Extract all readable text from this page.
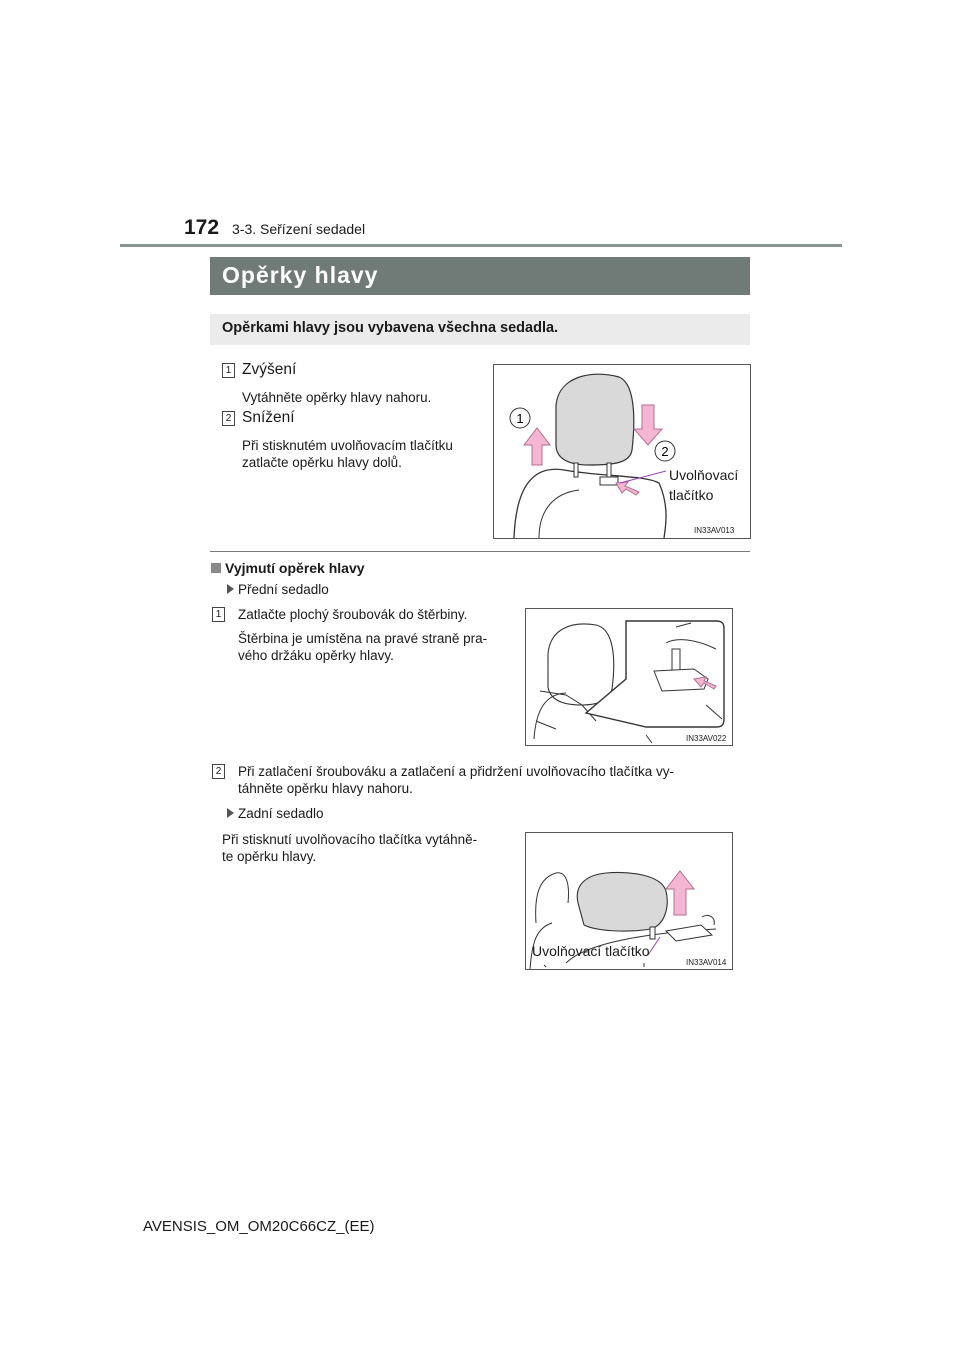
172 3-3. Seřízení sedadel
Opěrky hlavy
Opěrkami hlavy jsou vybavena všechna sedadla.
1 Zvýšení
Vytáhněte opěrky hlavy nahoru.
2 Snížení
Při stisknutém uvolňovacím tlačítku
zatlačte opěrku hlavy dolů.
1
2
Uvolňovací
tlačítko
IN33AV013
Vyjmutí opěrek hlavy
Přední sedadlo
1 Zatlačte plochý šroubovák do štěrbiny.
Štěrbina je umístěna na pravé straně pra-
vého držáku opěrky hlavy.
IN33AV022
2 Při zatlačení šroubováku a zatlačení a přidržení uvolňovacího tlačítka vy-
táhněte opěrku hlavy nahoru.
Zadní sedadlo
Při stisknutí uvolňovacího tlačítka vytáhně-
te opěrku hlavy.
Uvolňovací tlačítko
IN33AV014
AVENSIS_OM_OM20C66CZ_(EE)
